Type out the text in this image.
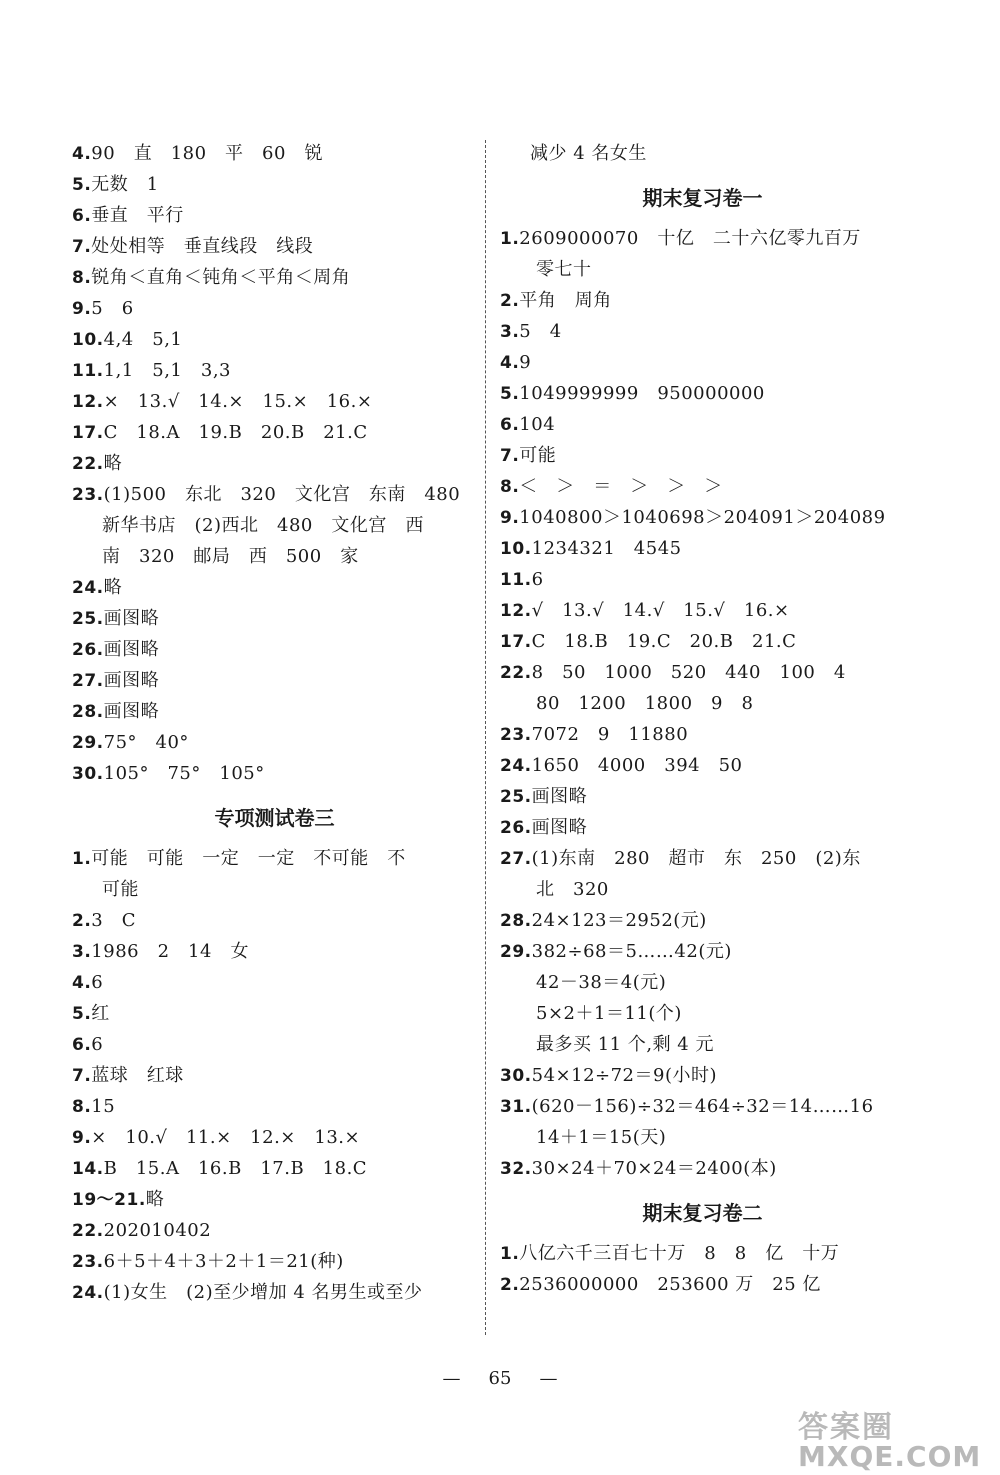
4.90　直　180　平　60　锐
5.无数　1
6.垂直　平行
7.处处相等　垂直线段　线段
8.锐角＜直角＜钝角＜平角＜周角
9.5　6
10.4,4　5,1
11.1,1　5,1　3,3
12.×　13.√　14.×　15.×　16.×
17.C　18.A　19.B　20.B　21.C
22.略
23.(1)500　东北　320　文化宫　东南　480
新华书店　(2)西北　480　文化宫　西
南　320　邮局　西　500　家
24.略
25.画图略
26.画图略
27.画图略
28.画图略
29.75°　40°
30.105°　75°　105°
专项测试卷三
1.可能　可能　一定　一定　不可能　不
可能
2.3　C
3.1986　2　14　女
4.6
5.红
6.6
7.蓝球　红球
8.15
9.×　10.√　11.×　12.×　13.×
14.B　15.A　16.B　17.B　18.C
19～21.略
22.202010402
23.6＋5＋4＋3＋2＋1＝21(种)
24.(1)女生　(2)至少增加 4 名男生或至少
减少 4 名女生
期末复习卷一
1.2609000070　十亿　二十六亿零九百万
零七十
2.平角　周角
3.5　4
4.9
5.1049999999　950000000
6.104
7.可能
8.＜　＞　＝　＞　＞　＞
9.1040800＞1040698＞204091＞204089
10.1234321　4545
11.6
12.√　13.√　14.√　15.√　16.×
17.C　18.B　19.C　20.B　21.C
22.8　50　1000　520　440　100　4
80　1200　1800　9　8
23.7072　9　11880
24.1650　4000　394　50
25.画图略
26.画图略
27.(1)东南　280　超市　东　250　(2)东
北　320
28.24×123＝2952(元)
29.382÷68＝5……42(元)
42－38＝4(元)
5×2＋1＝11(个)
最多买 11 个,剩 4 元
30.54×12÷72＝9(小时)
31.(620－156)÷32＝464÷32＝14……16
14＋1＝15(天)
32.30×24＋70×24＝2400(本)
期末复习卷二
1.八亿六千三百七十万　8　8　亿　十万
2.2536000000　253600 万　25 亿
— 65 —
答案圈
MXQE.COM
